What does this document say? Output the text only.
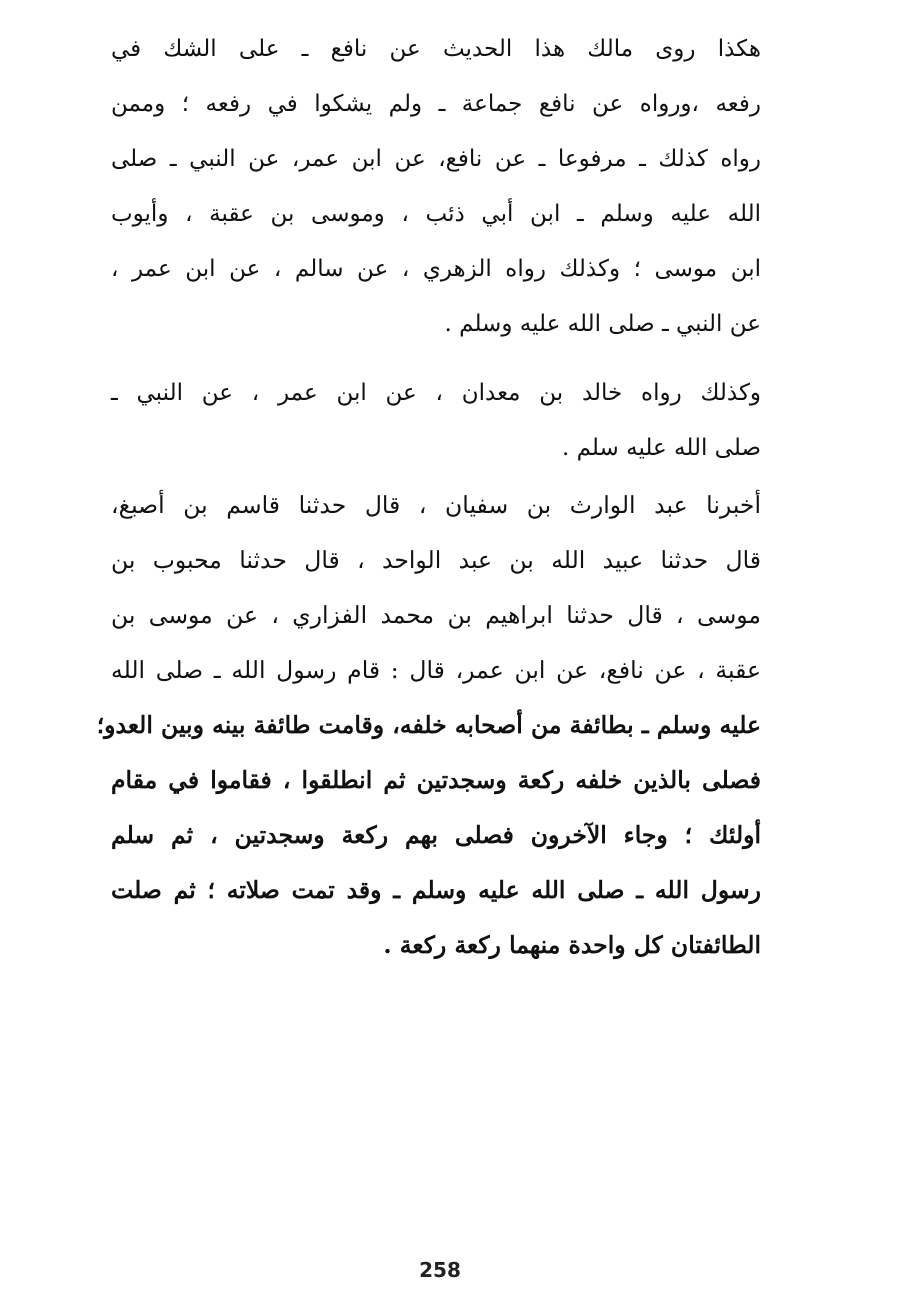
هكذا روى مالك هذا الحديث عن نافع ـ على الشك في
رفعه ،ورواه عن نافع جماعة ـ ولم يشكوا في رفعه ؛ وممن
رواه كذلك ـ مرفوعا ـ عن نافع، عن ابن عمر، عن النبي ـ صلى
الله عليه وسلم ـ ابن أبي ذئب ، وموسى بن عقبة ، وأيوب
ابن موسى ؛ وكذلك رواه الزهري ، عن سالم ، عن ابن عمر ،
عن النبي ـ صلى الله عليه وسلم .
وكذلك رواه خالد بن معدان ، عن ابن عمر ، عن النبي ـ
صلى الله عليه سلم .
أخبرنا عبد الوارث بن سفيان ، قال حدثنا قاسم بن أصبغ،
قال حدثنا عبيد الله بن عبد الواحد ، قال حدثنا محبوب بن
موسى ، قال حدثنا ابراهيم بن محمد الفزاري ، عن موسى بن
عقبة ، عن نافع، عن ابن عمر، قال : قام رسول الله ـ صلى الله
عليه وسلم ـ بطائفة من أصحابه خلفه، وقامت طائفة بينه وبين العدو؛
فصلى بالذين خلفه ركعة وسجدتين ثم انطلقوا ، فقاموا في مقام
أولئك ؛ وجاء الآخرون فصلى بهم ركعة وسجدتين ، ثم سلم
رسول الله ـ صلى الله عليه وسلم ـ وقد تمت صلاته ؛ ثم صلت
الطائفتان كل واحدة منهما ركعة ركعة .
258
